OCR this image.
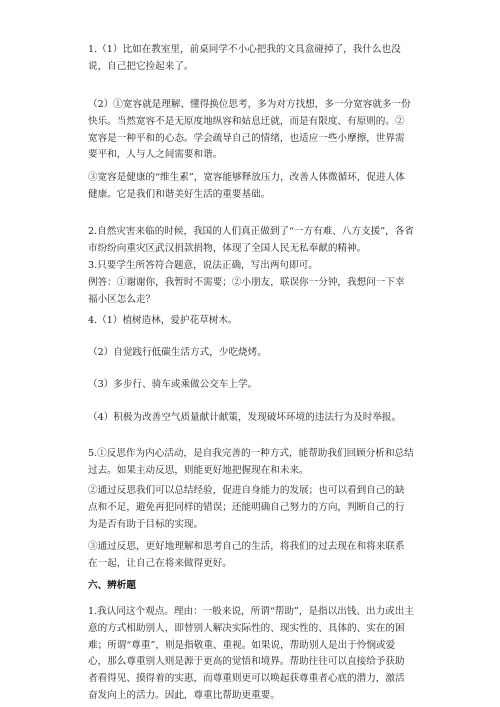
1.（1）比如在教室里，前桌同学不小心把我的文具盒碰掉了，我什么也没说，自己把它捡起来了。

（2）①宽容就是理解、懂得换位思考，多为对方找想，多一分宽容就多一份快乐。当然宽容不是无原度地纵容和姑息迁就，而是有限度、有原则的。②宽容是一种平和的心态。学会疏导自己的情绪，也适应一些小摩擦，世界需要平和，人与人之间需要和谐。

③宽容是健康的“维生素”，宽容能够释放压力，改善人体微循环，促进人体健康。它是我们和谐美好生活的重要基础。

2.自然灾害来临的时候，我国的人们真正做到了“一方有难、八方支援”，各省市纷纷向重灾区武汉捐款捐物，体现了全国人民无私奉献的精神。

3.只要学生所答符合题意，说法正确，写出两句即可。

例答：①谢谢你，我暂时不需要；②小朋友，联误你一分钟，我想问一下幸福小区怎么走？

4.（1）植树造林，爱护花草树木。

（2）自觉践行低碳生活方式，少吃烧烤。

（3）多步行、骑车或乘做公交车上学。

（4）积极为改善空气质量献计献策，发现破坏环境的违法行为及时举报。

5.①反思作为内心活动，是自我完善的一种方式，能帮助我们回顾分析和总结过去。如果主动反思，则能更好地把握现在和未来。

②通过反思我们可以总结经验，促进自身能力的发展；也可以看到自己的缺点和不足，避免再犯同样的错误；还能明确自己努力的方向，判断自己的行为是否有助于目标的实现。

③通过反思，更好地理解和思考自己的生活，将我们的过去现在和将来联系在一起，让自己在将来做得更好。

六、辨析题

1.我认同这个观点。理由：一般来说，所谓“帮助”，是指以出钱、出力或出主意的方式相助别人，即替别人解决实际性的、现实性的、具体的、实在的困难；所谓“尊重”，则是指敬重、重视。如果说，帮助别人是出于怜悯或爱心，那么尊重别人则是源于更高的觉悟和境界。帮助往往可以直接给予获助者看得见、摸得着的实惠，而尊重则更可以唤起获尊重者心底的潜力，激活奋发向上的活力。因此，尊重比帮助更重要。
